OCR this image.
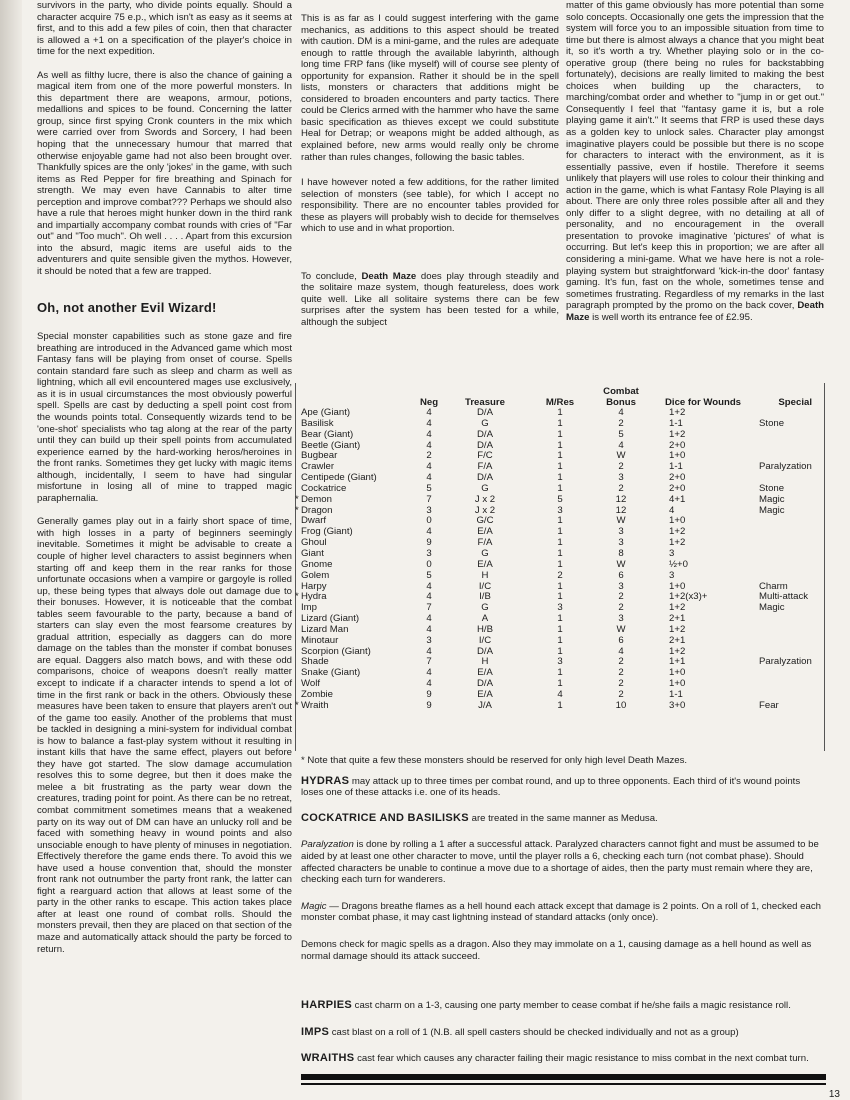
survivors in the party, who divide points equally. Should a character acquire 75 e.p., which isn't as easy as it seems at first, and to this add a few piles of coin, then that character is allowed a +1 on a specification of the player's choice in time for the next expedition.

As well as filthy lucre, there is also the chance of gaining a magical item from one of the more powerful monsters. In this department there are weapons, armour, potions, medallions and spices to be found. Concerning the latter group, since first spying Cronk counters in the mix which were carried over from Swords and Sorcery, I had been hoping that the unnecessary humour that marred that otherwise enjoyable game had not also been brought over. Thankfully spices are the only 'jokes' in the game, with such items as Red Pepper for fire breathing and Spinach for strength. We may even have Cannabis to alter time perception and improve combat??? Perhaps we should also have a rule that heroes might hunker down in the third rank and impartially accompany combat rounds with cries of "Far out" and "Too much". Oh well . . . . Apart from this excursion into the absurd, magic items are useful aids to the adventurers and quite sensible given the mythos. However, it should be noted that a few are trapped.

Oh, not another Evil Wizard!

Special monster capabilities such as stone gaze and fire breathing are introduced in the Advanced game which most Fantasy fans will be playing from onset of course. Spells contain standard fare such as sleep and charm as well as lightning, which all evil encountered mages use exclusively, as it is in usual circumstances the most obviously powerful spell. Spells are cast by deducting a spell point cost from the wounds points total. Consequently wizards tend to be 'one-shot' specialists who tag along at the rear of the party until they can build up their spell points from accumulated experience earned by the hard-working heros/heroines in the front ranks. Sometimes they get lucky with magic items although, incidentally, I seem to have had singular misfortune in losing all of mine to trapped magic paraphernalia.

Generally games play out in a fairly short space of time, with high losses in a party of beginners seemingly inevitable. Sometimes it might be advisable to create a couple of higher level characters to assist beginners when starting off and keep them in the rear ranks for those unfortunate occasions when a vampire or gargoyle is rolled up, these being types that always dole out damage due to their bonuses. However, it is noticeable that the combat tables seem favourable to the party, because a band of starters can slay even the most fearsome creatures by gradual attrition, especially as daggers can do more damage on the tables than the monster if combat bonuses are equal. Daggers also match bows, and with these odd comparisons, choice of weapons doesn't really matter except to indicate if a character intends to spend a lot of time in the first rank or back in the others. Obviously these measures have been taken to ensure that players aren't out of the game too easily. Another of the problems that must be tackled in designing a mini-system for individual combat is how to balance a fast-play system without it resulting in instant kills that have the same effect, players out before they have got started. The slow damage accumulation resolves this to some degree, but then it does make the melee a bit frustrating as the party wear down the creatures, trading point for point. As there can be no retreat, combat commitment sometimes means that a weakened party on its way out of DM can have an unlucky roll and be faced with something heavy in wound points and also unsociable enough to have plenty of minuses in negotiation. Effectively therefore the game ends there. To avoid this we have used a house convention that, should the monster front rank not outnumber the party front rank, the latter can fight a rearguard action that allows at least some of the party in the other ranks to escape. This action takes place after at least one round of combat rolls. Should the monsters prevail, then they are placed on that section of the maze and automatically attack should the party be forced to return.

This is as far as I could suggest interfering with the game mechanics, as additions to this aspect should be treated with caution. DM is a mini-game, and the rules are adequate enough to rattle through the available labyrinth, although long time FRP fans (like myself) will of course see plenty of opportunity for expansion. Rather it should be in the spell lists, monsters or characters that additions might be considered to broaden encounters and party tactics. There could be Clerics armed with the hammer who have the same basic specification as thieves except we could substitute Heal for Detrap; or weapons might be added although, as explained before, new arms would really only be chrome rather than rules changes, following the basic tables.

I have however noted a few additions, for the rather limited selection of monsters (see table), for which I accept no responsibility. There are no encounter tables provided for these as players will probably wish to decide for themselves which to use and in what proportion.

To conclude, Death Maze does play through steadily and the solitaire maze system, though featureless, does work quite well. Like all solitaire systems there can be few surprises after the system has been tested for a while, although the subject

matter of this game obviously has more potential than some solo concepts. Occasionally one gets the impression that the system will force you to an impossible situation from time to time but there is almost always a chance that you might beat it, so it's worth a try. Whether playing solo or in the co-operative group (there being no rules for backstabbing fortunately), decisions are really limited to making the best choices when building up the characters, to marching/combat order and whether to "jump in or get out." Consequently I feel that "fantasy game it is, but a role playing game it ain't." It seems that FRP is used these days as a golden key to unlock sales. Character play amongst imaginative players could be possible but there is no scope for characters to interact with the environment, as it is essentially passive, even if hostile. Therefore it seems unlikely that players will use roles to colour their thinking and action in the game, which is what Fantasy Role Playing is all about. There are only three roles possible after all and they only differ to a slight degree, with no detailing at all of personality, and no encouragement in the overall presentation to provoke imaginative 'pictures' of what is occurring. But let's keep this in proportion; we are after all considering a mini-game. What we have here is not a role-playing system but straightforward 'kick-in-the door' fantasy gaming. It's fun, fast on the whole, sometimes tense and sometimes frustrating. Regardless of my remarks in the last paragraph prompted by the promo on the back cover, Death Maze is well worth its entrance fee of £2.95.

	Neg	Treasure	M/Res	Combat Bonus	Dice for Wounds	Special
Ape (Giant)	4	D/A	1	4	1+2	
Basilisk	4	G	1	2	1-1	Stone
Bear (Giant)	4	D/A	1	5	1+2	
Beetle (Giant)	4	D/A	1	4	2+0	
Bugbear	2	F/C	1	W	1+0	
Crawler	4	F/A	1	2	1-1	Paralyzation
Centipede (Giant)	4	D/A	1	3	2+0	
Cockatrice	5	G	1	2	2+0	Stone
* Demon	7	J x 2	5	12	4+1	Magic
* Dragon	3	J x 2	3	12	4	Magic
Dwarf	0	G/C	1	W	1+0	
Frog (Giant)	4	E/A	1	3	1+2	
Ghoul	9	F/A	1	3	1+2	
Giant	3	G	1	8	3	
Gnome	0	E/A	1	W	½+0	
Golem	5	H	2	6	3	
Harpy	4	I/C	1	3	1+0	Charm
* Hydra	4	I/B	1	2	1+2(x3)+	Multi-attack
Imp	7	G	3	2	1+2	Magic
Lizard (Giant)	4	A	1	3	2+1	
Lizard Man	4	H/B	1	W	1+2	
Minotaur	3	I/C	1	6	2+1	
Scorpion (Giant)	4	D/A	1	4	1+2	
Shade	7	H	3	2	1+1	Paralyzation
Snake (Giant)	4	E/A	1	2	1+0	
Wolf	4	D/A	1	2	1+0	
Zombie	9	E/A	4	2	1-1	
* Wraith	9	J/A	1	10	3+0	Fear

* Note that quite a few these monsters should be reserved for only high level Death Mazes.

HYDRAS may attack up to three times per combat round, and up to three opponents. Each third of it's wound points loses one of these attacks i.e. one of its heads.

COCKATRICE AND BASILISKS are treated in the same manner as Medusa.

Paralyzation is done by rolling a 1 after a successful attack. Paralyzed characters cannot fight and must be assumed to be aided by at least one other character to move, until the player rolls a 6, checking each turn (not combat phase). Should affected characters be unable to continue a move due to a shortage of aides, then the party must remain where they are, checking each turn for wanderers.

Magic — Dragons breathe flames as a hell hound each attack except that damage is 2 points. On a roll of 1, checked each monster combat phase, it may cast lightning instead of standard attacks (only once).

Demons check for magic spells as a dragon. Also they may immolate on a 1, causing damage as a hell hound as well as normal damage should its attack succeed.

HARPIES cast charm on a 1-3, causing one party member to cease combat if he/she fails a magic resistance roll.

IMPS cast blast on a roll of 1 (N.B. all spell casters should be checked individually and not as a group)

WRAITHS cast fear which causes any character failing their magic resistance to miss combat in the next combat turn.

13
